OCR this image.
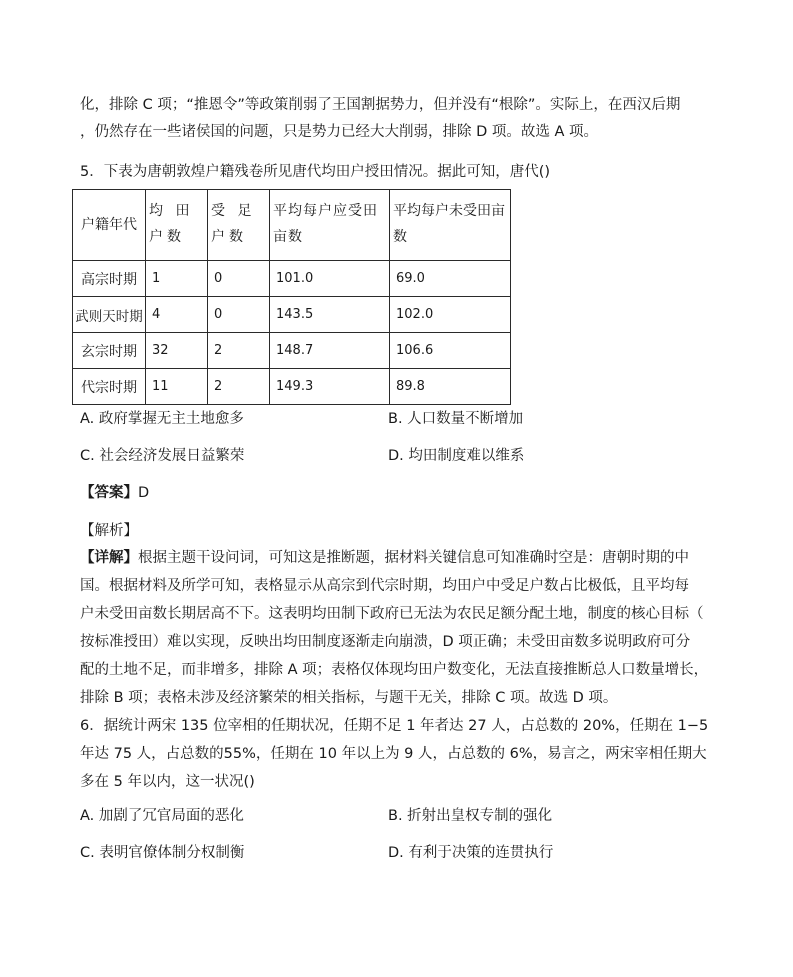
化，排除 C 项；“推恩令”等政策削弱了王国割据势力，但并没有“根除”。实际上，在西汉后期
，仍然存在一些诸侯国的问题，只是势力已经大大削弱，排除 D 项。故选 A 项。
5．下表为唐朝敦煌户籍残卷所见唐代均田户授田情况。据此可知，唐代()
户籍年代	均 田 户数	受 足 户数	平均每户应受田亩数	平均每户未受田亩数
高宗时期	1	0	101.0	69.0
武则天时期	4	0	143.5	102.0
玄宗时期	32	2	148.7	106.6
代宗时期	11	2	149.3	89.8
A. 政府掌握无主土地愈多	B. 人口数量不断增加
C. 社会经济发展日益繁荣	D. 均田制度难以维系
【答案】D
【解析】
【详解】根据主题干设问词，可知这是推断题，据材料关键信息可知准确时空是：唐朝时期的中
国。根据材料及所学可知，表格显示从高宗到代宗时期，均田户中受足户数占比极低，且平均每
户未受田亩数长期居高不下。这表明均田制下政府已无法为农民足额分配土地，制度的核心目标（
按标准授田）难以实现，反映出均田制度逐渐走向崩溃，D 项正确；未受田亩数多说明政府可分
配的土地不足，而非增多，排除 A 项；表格仅体现均田户数变化，无法直接推断总人口数量增长，
排除 B 项；表格未涉及经济繁荣的相关指标，与题干无关，排除 C 项。故选 D 项。
6．据统计两宋 135 位宰相的任期状况，任期不足 1 年者达 27 人，占总数的 20%，任期在 1−5
年达 75 人，占总数的55%，任期在 10 年以上为 9 人，占总数的 6%，易言之，两宋宰相任期大
多在 5 年以内，这一状况()
A. 加剧了冗官局面的恶化	B. 折射出皇权专制的强化
C. 表明官僚体制分权制衡	D. 有利于决策的连贯执行
